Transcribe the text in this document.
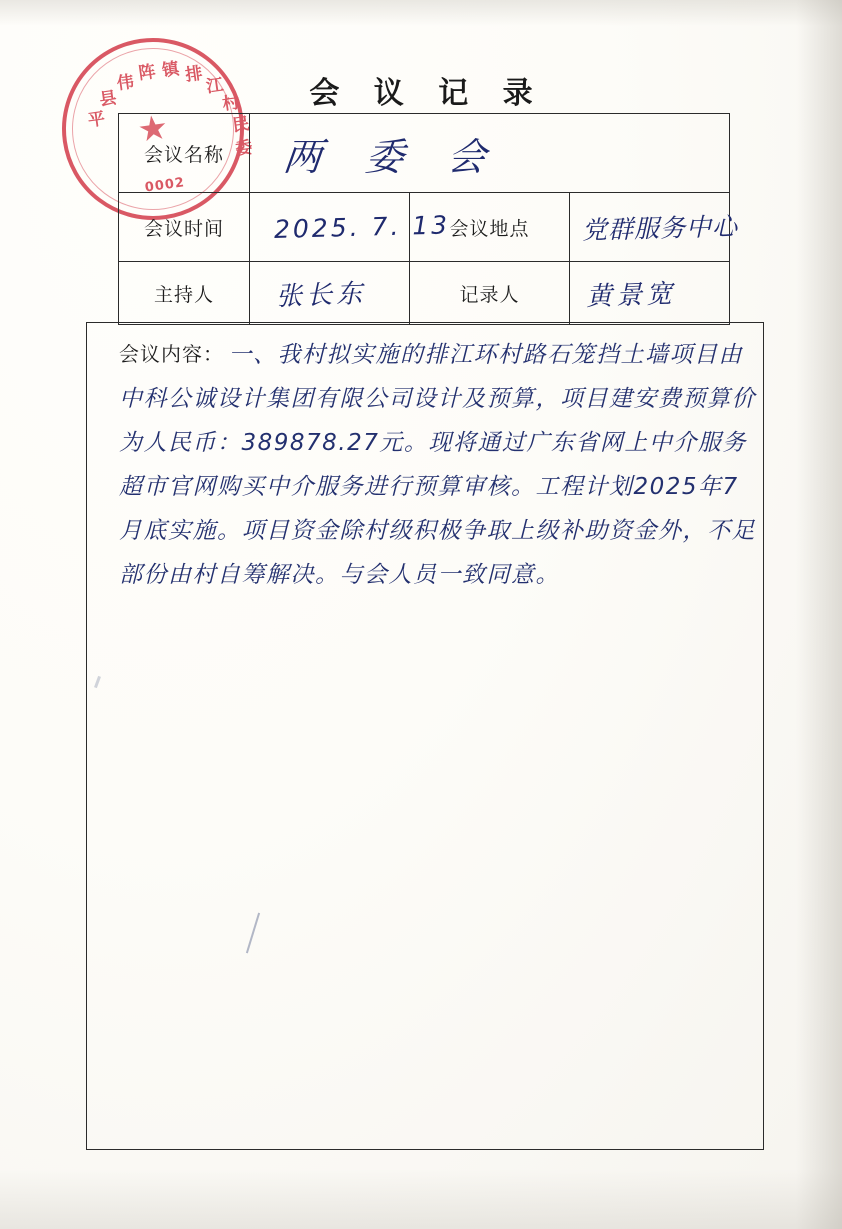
会 议 记 录
★
平
县
伟 阵 镇 排
江
村
民
委
0002
会议名称	两 委 会		

会议时间	2025. 7. 13	会议地点	党群服务中心

主持人	张长东	记录人	黄景宽
会议内容： 一、我村拟实施的排江环村路石笼挡土墙项目由中科公诚设计集团有限公司设计及预算，项目建安费预算价为人民币：389878.27元。现将通过广东省网上中介服务超市官网购买中介服务进行预算审核。工程计划2025年7月底实施。项目资金除村级积极争取上级补助资金外，不足部份由村自筹解决。与会人员一致同意。
